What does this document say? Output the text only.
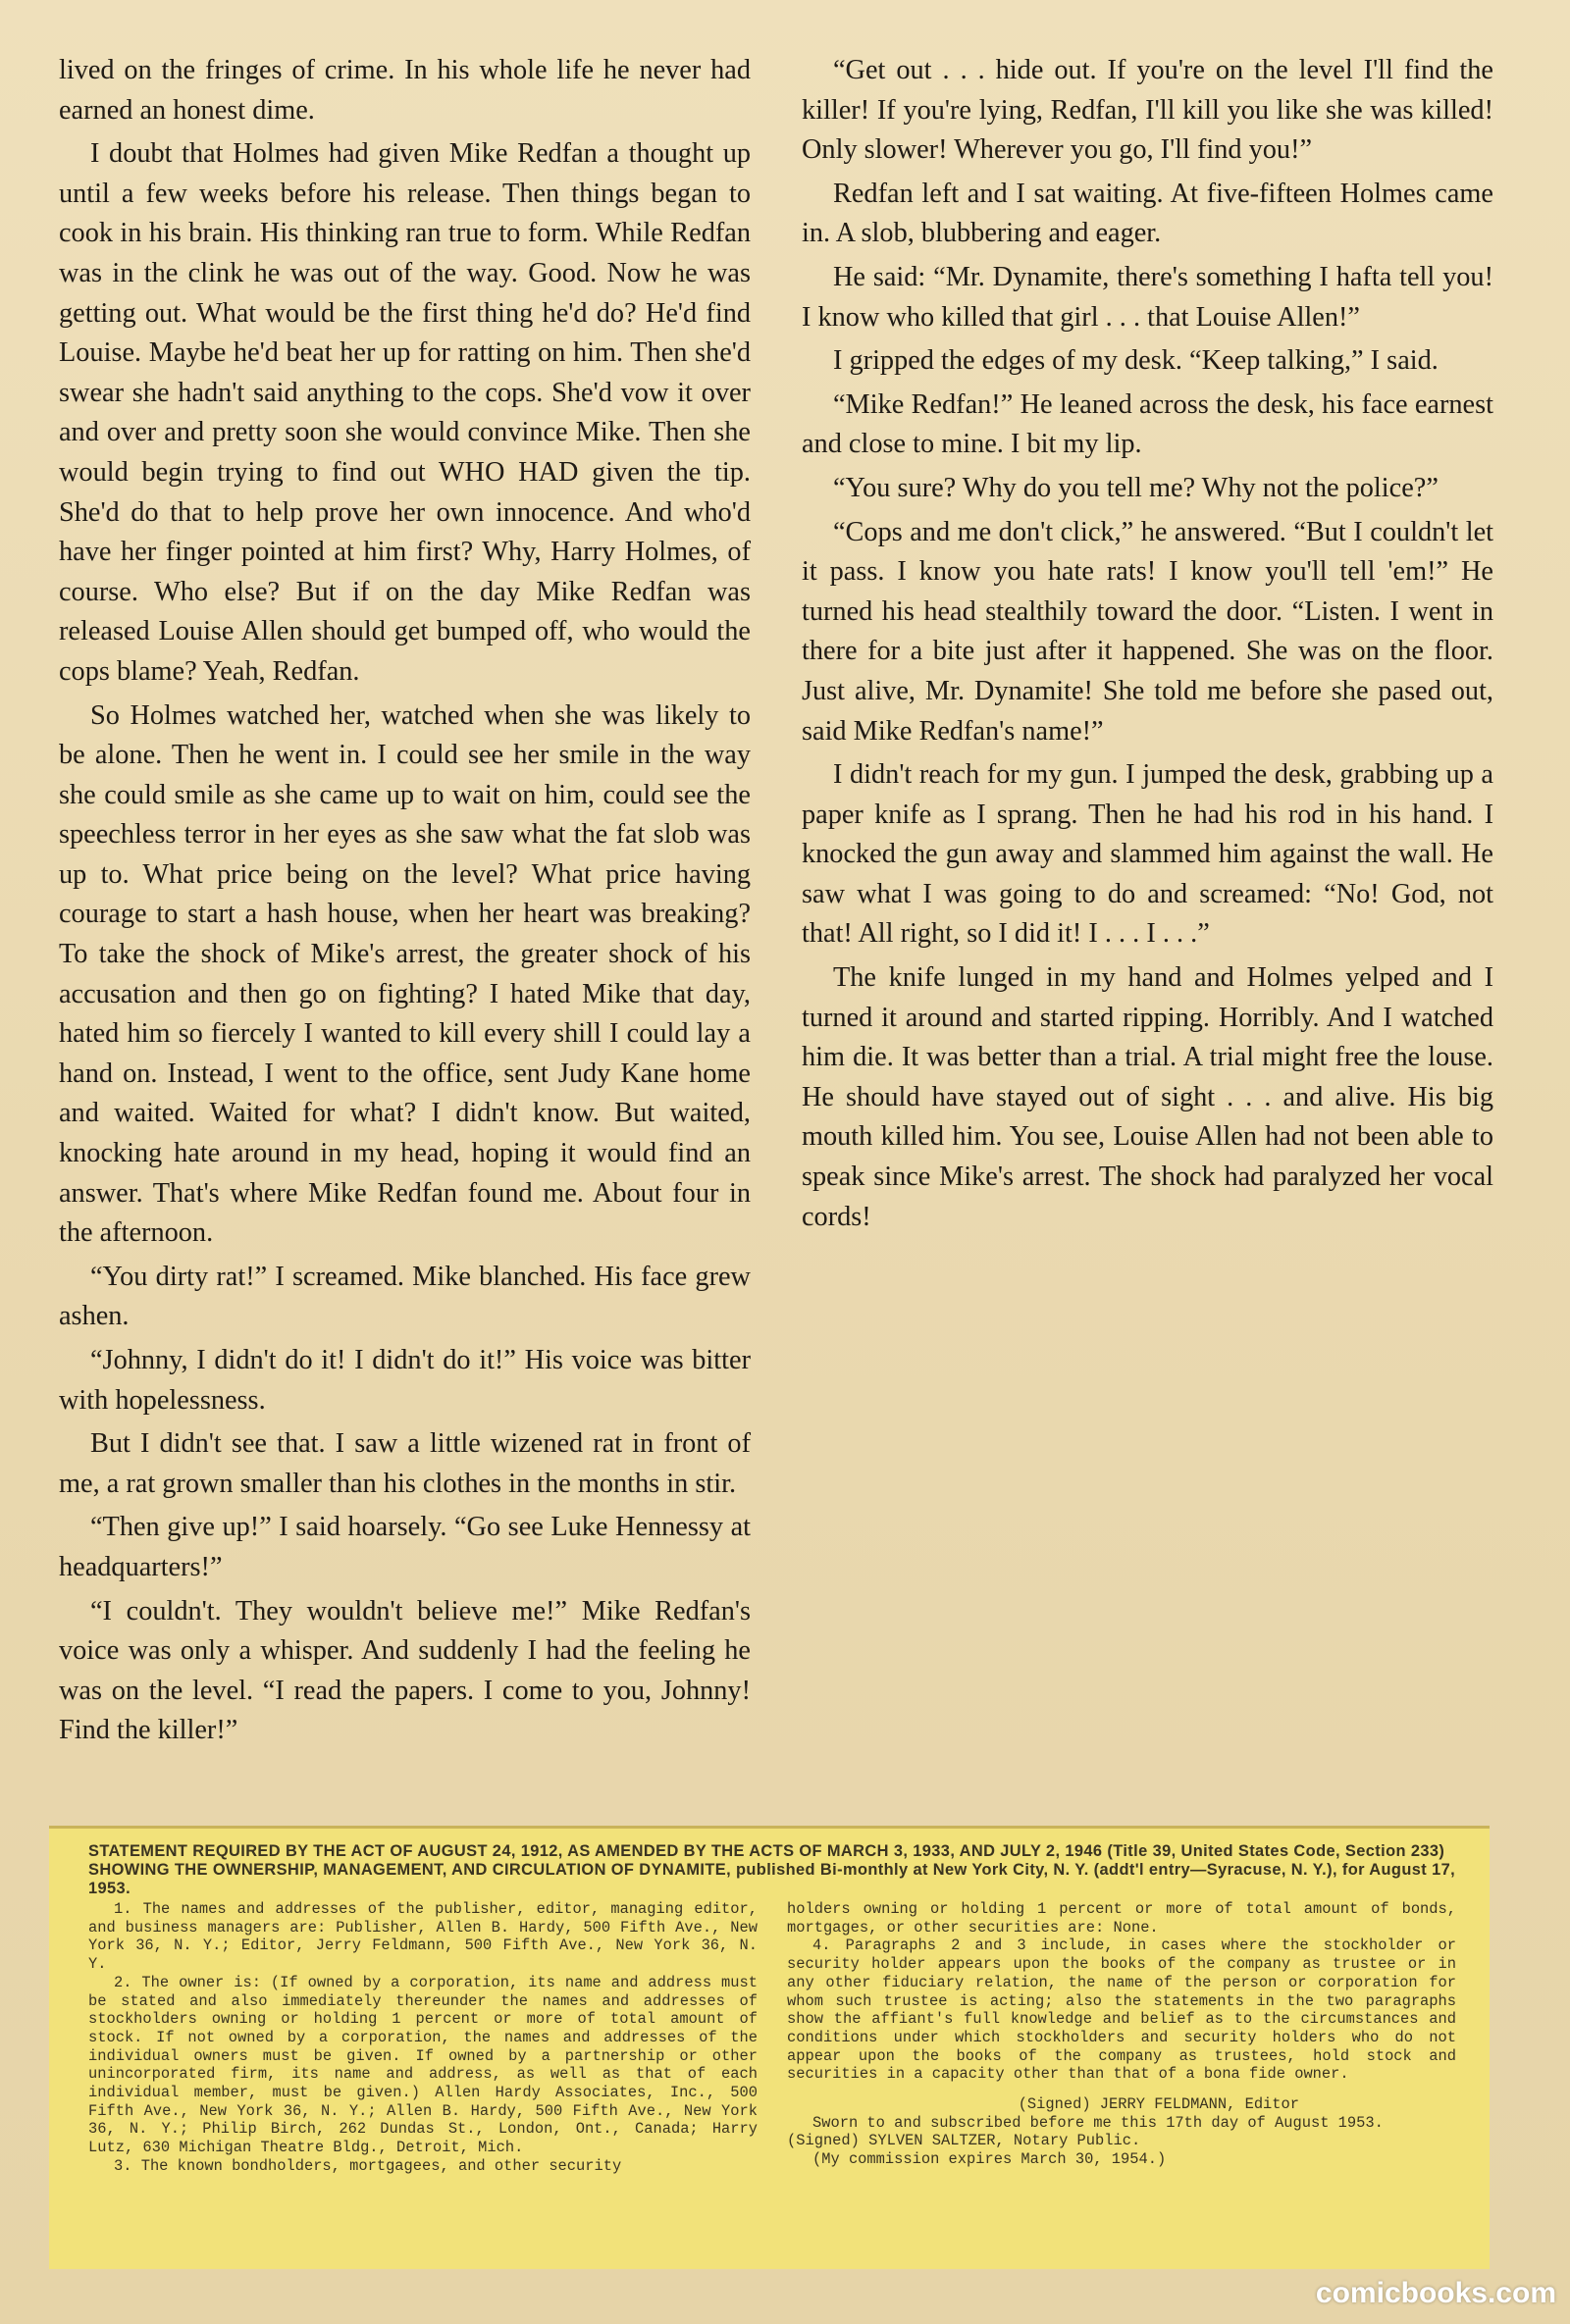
lived on the fringes of crime. In his whole life he never had earned an honest dime.

I doubt that Holmes had given Mike Redfan a thought up until a few weeks before his release. Then things began to cook in his brain. His thinking ran true to form. While Redfan was in the clink he was out of the way. Good. Now he was getting out. What would be the first thing he'd do? He'd find Louise. Maybe he'd beat her up for ratting on him. Then she'd swear she hadn't said anything to the cops. She'd vow it over and over and pretty soon she would convince Mike. Then she would begin trying to find out WHO HAD given the tip. She'd do that to help prove her own innocence. And who'd have her finger pointed at him first? Why, Harry Holmes, of course. Who else? But if on the day Mike Redfan was released Louise Allen should get bumped off, who would the cops blame? Yeah, Redfan.

So Holmes watched her, watched when she was likely to be alone. Then he went in. I could see her smile in the way she could smile as she came up to wait on him, could see the speechless terror in her eyes as she saw what the fat slob was up to. What price being on the level? What price having courage to start a hash house, when her heart was breaking? To take the shock of Mike's arrest, the greater shock of his accusation and then go on fighting? I hated Mike that day, hated him so fiercely I wanted to kill every shill I could lay a hand on. Instead, I went to the office, sent Judy Kane home and waited. Waited for what? I didn't know. But waited, knocking hate around in my head, hoping it would find an answer. That's where Mike Redfan found me. About four in the afternoon.

“You dirty rat!” I screamed. Mike blanched. His face grew ashen.

“Johnny, I didn't do it! I didn't do it!” His voice was bitter with hopelessness.

But I didn't see that. I saw a little wizened rat in front of me, a rat grown smaller than his clothes in the months in stir.

“Then give up!” I said hoarsely. “Go see Luke Hennessy at headquarters!”

“I couldn't. They wouldn't believe me!” Mike Redfan's voice was only a whisper. And suddenly I had the feeling he was on the level. “I read the papers. I come to you, Johnny! Find the killer!”

“Get out . . . hide out. If you're on the level I'll find the killer! If you're lying, Redfan, I'll kill you like she was killed! Only slower! Wherever you go, I'll find you!”

Redfan left and I sat waiting. At five-fifteen Holmes came in. A slob, blubbering and eager.

He said: “Mr. Dynamite, there's something I hafta tell you! I know who killed that girl . . . that Louise Allen!”

I gripped the edges of my desk. “Keep talking,” I said.

“Mike Redfan!” He leaned across the desk, his face earnest and close to mine. I bit my lip.

“You sure? Why do you tell me? Why not the police?”

“Cops and me don't click,” he answered. “But I couldn't let it pass. I know you hate rats! I know you'll tell 'em!” He turned his head stealthily toward the door. “Listen. I went in there for a bite just after it happened. She was on the floor. Just alive, Mr. Dynamite! She told me before she pased out, said Mike Redfan's name!”

I didn't reach for my gun. I jumped the desk, grabbing up a paper knife as I sprang. Then he had his rod in his hand. I knocked the gun away and slammed him against the wall. He saw what I was going to do and screamed: “No! God, not that! All right, so I did it! I . . . I . . .”

The knife lunged in my hand and Holmes yelped and I turned it around and started ripping. Horribly. And I watched him die. It was better than a trial. A trial might free the louse. He should have stayed out of sight . . . and alive. His big mouth killed him. You see, Louise Allen had not been able to speak since Mike's arrest. The shock had paralyzed her vocal cords!

STATEMENT REQUIRED BY THE ACT OF AUGUST 24, 1912, AS AMENDED BY THE ACTS OF MARCH 3, 1933, AND JULY 2, 1946 (Title 39, United States Code, Section 233) SHOWING THE OWNERSHIP, MANAGEMENT, AND CIRCULATION OF DYNAMITE, published Bi-monthly at New York City, N. Y. (addt'l entry—Syracuse, N. Y.), for August 17, 1953.

1. The names and addresses of the publisher, editor, managing editor, and business managers are: Publisher, Allen B. Hardy, 500 Fifth Ave., New York 36, N. Y.; Editor, Jerry Feldmann, 500 Fifth Ave., New York 36, N. Y.

2. The owner is: (If owned by a corporation, its name and address must be stated and also immediately thereunder the names and addresses of stockholders owning or holding 1 percent or more of total amount of stock. If not owned by a corporation, the names and addresses of the individual owners must be given. If owned by a partnership or other unincorporated firm, its name and address, as well as that of each individual member, must be given.) Allen Hardy Associates, Inc., 500 Fifth Ave., New York 36, N. Y.; Allen B. Hardy, 500 Fifth Ave., New York 36, N. Y.; Philip Birch, 262 Dundas St., London, Ont., Canada; Harry Lutz, 630 Michigan Theatre Bldg., Detroit, Mich.

3. The known bondholders, mortgagees, and other security

holders owning or holding 1 percent or more of total amount of bonds, mortgages, or other securities are: None.

4. Paragraphs 2 and 3 include, in cases where the stockholder or security holder appears upon the books of the company as trustee or in any other fiduciary relation, the name of the person or corporation for whom such trustee is acting; also the statements in the two paragraphs show the affiant's full knowledge and belief as to the circumstances and conditions under which stockholders and security holders who do not appear upon the books of the company as trustees, hold stock and securities in a capacity other than that of a bona fide owner.

(Signed) JERRY FELDMANN, Editor

Sworn to and subscribed before me this 17th day of August 1953. (Signed) SYLVEN SALTZER, Notary Public.

(My commission expires March 30, 1954.)

comicbooks.com
